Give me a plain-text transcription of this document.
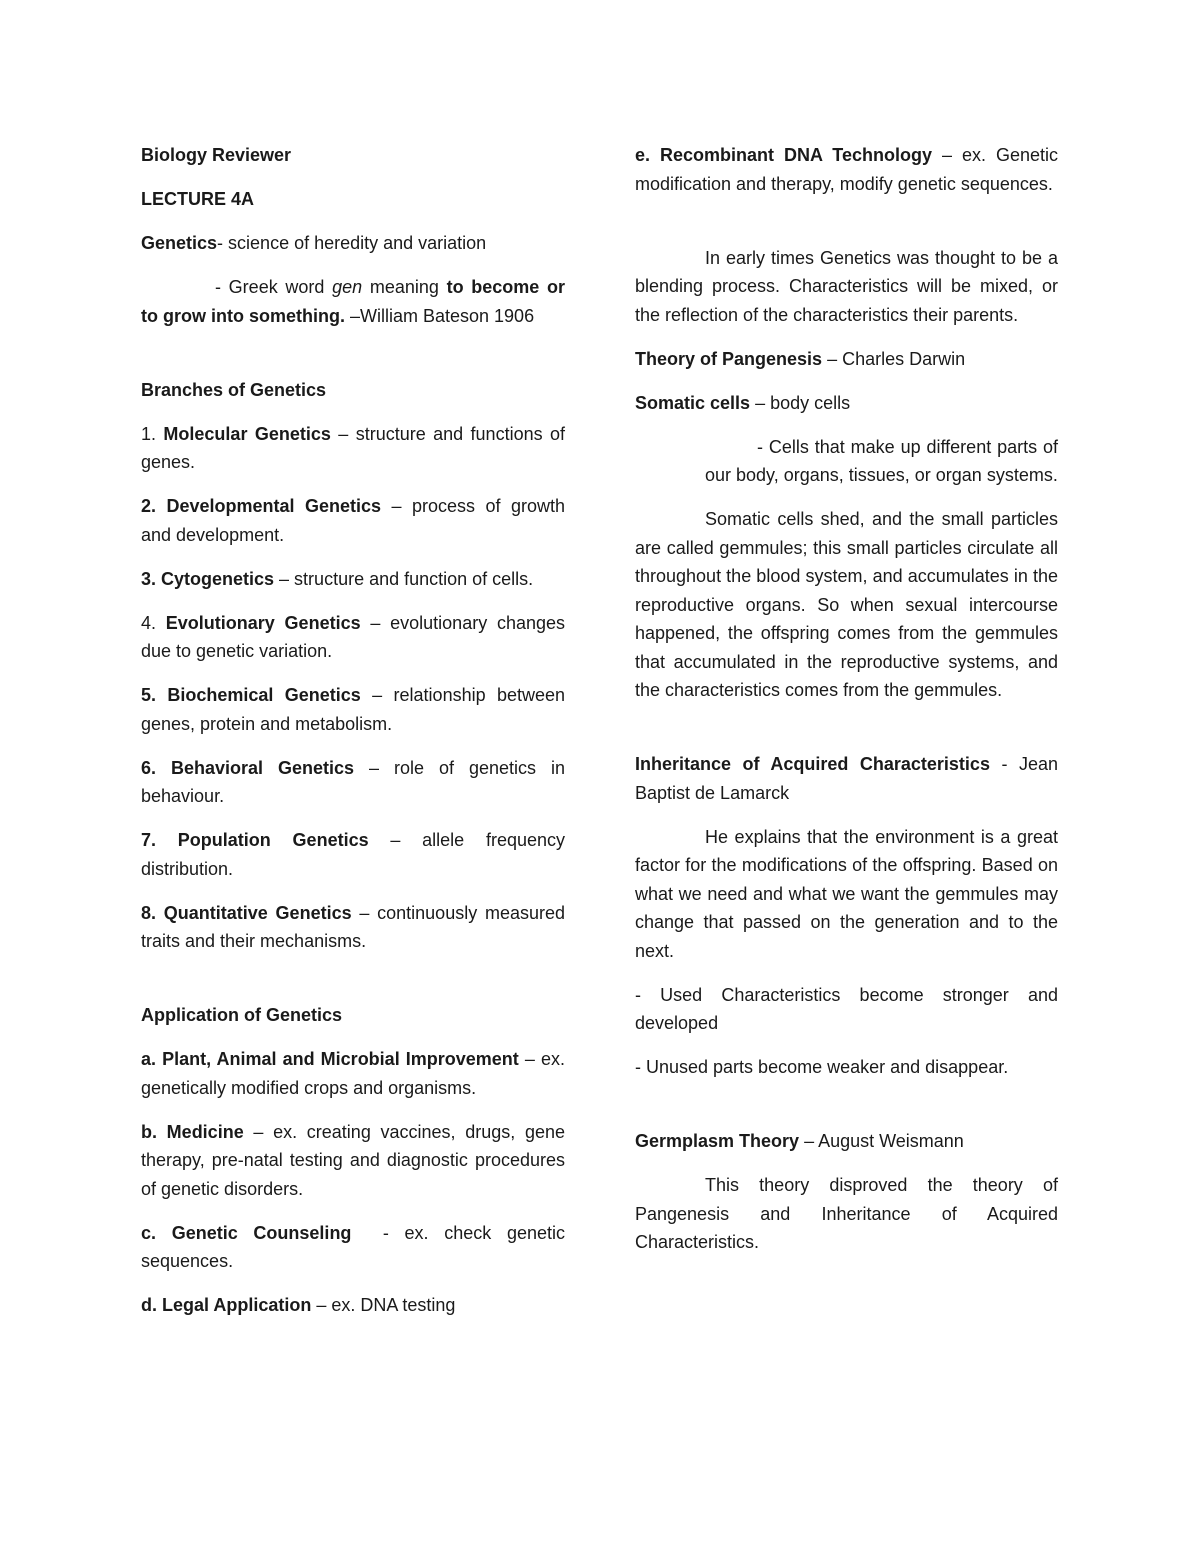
Biology Reviewer

LECTURE 4A

Genetics- science of heredity and variation

- Greek word gen meaning to become or to grow into something. –William Bateson 1906

Branches of Genetics

1. Molecular Genetics – structure and functions of genes.

2. Developmental Genetics – process of growth and development.

3. Cytogenetics – structure and function of cells.

4. Evolutionary Genetics – evolutionary changes due to genetic variation.

5. Biochemical Genetics – relationship between genes, protein and metabolism.

6. Behavioral Genetics – role of genetics in behaviour.

7. Population Genetics – allele frequency distribution.

8. Quantitative Genetics – continuously measured traits and their mechanisms.

Application of Genetics

a. Plant, Animal and Microbial Improvement – ex. genetically modified crops and organisms.

b. Medicine – ex. creating vaccines, drugs, gene therapy, pre-natal testing and diagnostic procedures of genetic disorders.

c. Genetic Counseling  - ex. check genetic sequences.

d. Legal Application – ex. DNA testing

e. Recombinant DNA Technology – ex. Genetic modification and therapy, modify genetic sequences.

In early times Genetics was thought to be a blending process. Characteristics will be mixed, or the reflection of the characteristics their parents.

Theory of Pangenesis – Charles Darwin

Somatic cells – body cells

- Cells that make up different parts of our body, organs, tissues, or organ systems.

Somatic cells shed, and the small particles are called gemmules; this small particles circulate all throughout the blood system, and accumulates in the reproductive organs. So when sexual intercourse happened, the offspring comes from the gemmules that accumulated in the reproductive systems, and the characteristics comes from the gemmules.

Inheritance of Acquired Characteristics - Jean Baptist de Lamarck

He explains that the environment is a great factor for the modifications of the offspring. Based on what we need and what we want the gemmules may change that passed on the generation and to the next.

- Used Characteristics become stronger and developed

- Unused parts become weaker and disappear.

Germplasm Theory – August Weismann

This theory disproved the theory of Pangenesis and Inheritance of Acquired Characteristics.
